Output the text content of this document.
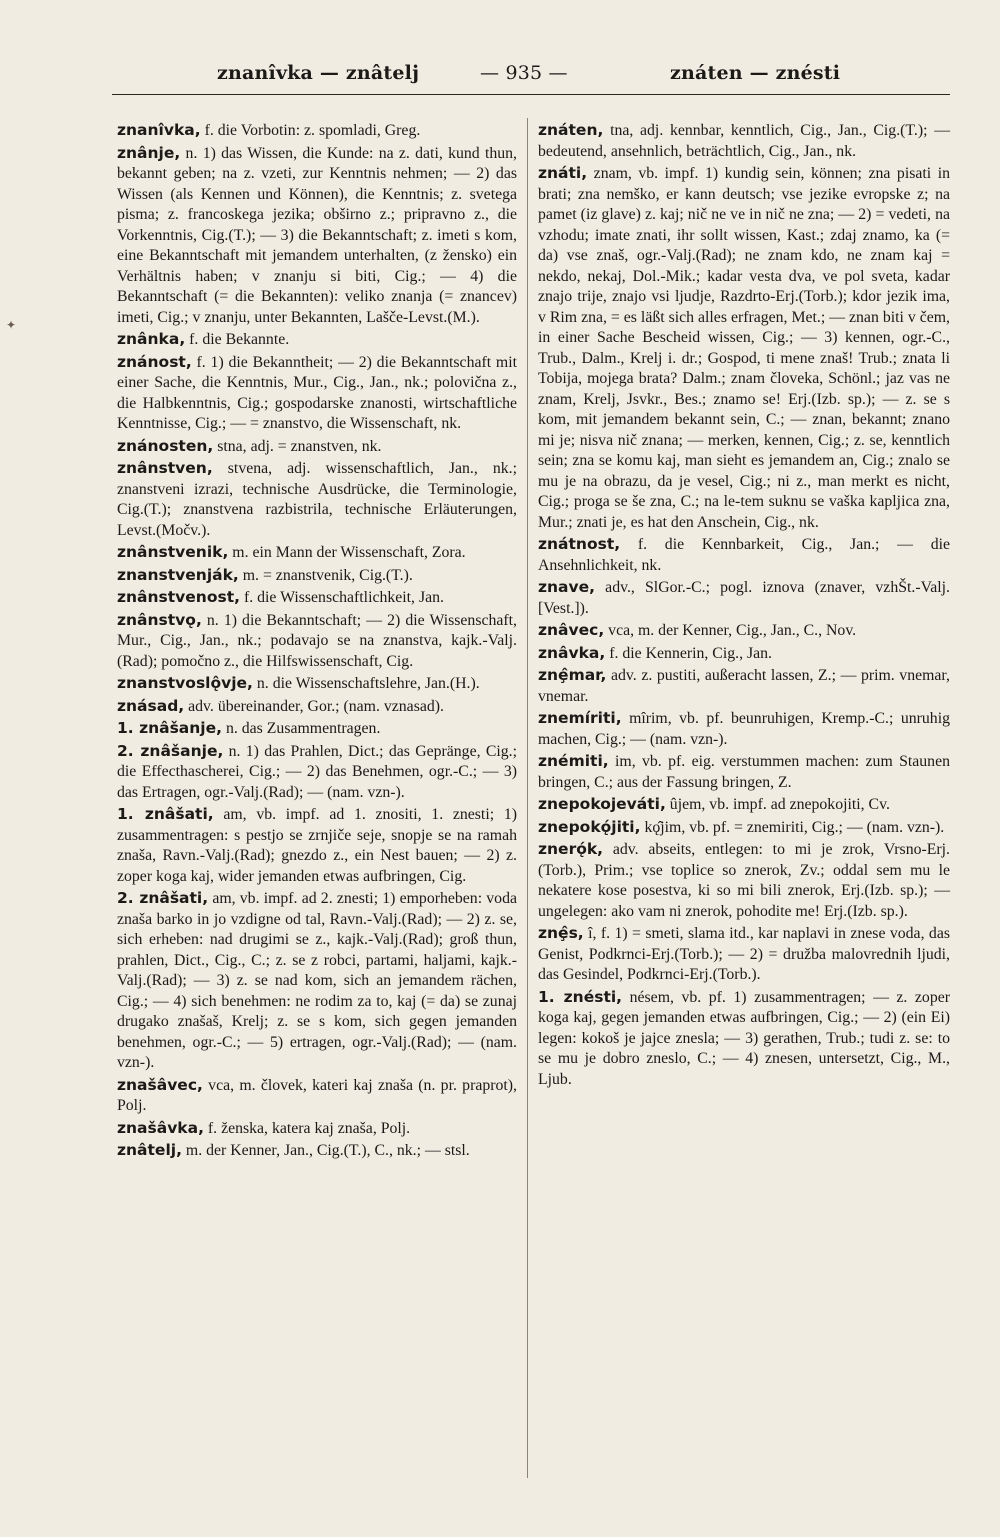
znanîvka — znâtelj	— 935 —	znáten — znésti
✦
znanîvka, f. die Vorbotin: z. spomladi, Greg.
znânje, n. 1) das Wissen, die Kunde: na z. dati, kund thun, bekannt geben; na z. vzeti, zur Kenntnis nehmen; — 2) das Wissen (als Kennen und Können), die Kenntnis; z. svetega pisma; z. francoskega jezika; obširno z.; pripravno z., die Vorkenntnis, Cig.(T.); — 3) die Bekanntschaft; z. imeti s kom, eine Bekanntschaft mit jemandem unterhalten, (z žensko) ein Verhältnis haben; v znanju si biti, Cig.; — 4) die Bekanntschaft (= die Bekannten): veliko znanja (= znancev) imeti, Cig.; v znanju, unter Bekannten, Lašče-Levst.(M.).
znânka, f. die Bekannte.
znánost, f. 1) die Bekanntheit; — 2) die Bekanntschaft mit einer Sache, die Kenntnis, Mur., Cig., Jan., nk.; polovična z., die Halbkenntnis, Cig.; gospodarske znanosti, wirtschaftliche Kenntnisse, Cig.; — = znanstvo, die Wissenschaft, nk.
znánosten, stna, adj. = znanstven, nk.
znânstven, stvena, adj. wissenschaftlich, Jan., nk.; znanstveni izrazi, technische Ausdrücke, die Terminologie, Cig.(T.); znanstvena razbistrila, technische Erläuterungen, Levst.(Močv.).
znânstvenik, m. ein Mann der Wissenschaft, Zora.
znanstvenják, m. = znanstvenik, Cig.(T.).
znânstvenost, f. die Wissenschaftlichkeit, Jan.
znânstvǫ, n. 1) die Bekanntschaft; — 2) die Wissenschaft, Mur., Cig., Jan., nk.; podavajo se na znanstva, kajk.-Valj.(Rad); pomočno z., die Hilfswissenschaft, Cig.
znanstvoslǫ̂vje, n. die Wissenschaftslehre, Jan.(H.).
znásad, adv. übereinander, Gor.; (nam. vznasad).
1. znâšanje, n. das Zusammentragen.
2. znâšanje, n. 1) das Prahlen, Dict.; das Gepränge, Cig.; die Effecthascherei, Cig.; — 2) das Benehmen, ogr.-C.; — 3) das Ertragen, ogr.-Valj.(Rad); — (nam. vzn-).
1. znâšati, am, vb. impf. ad 1. znositi, 1. znesti; 1) zusammentragen: s pestjo se zrnjiče seje, snopje se na ramah znaša, Ravn.-Valj.(Rad); gnezdo z., ein Nest bauen; — 2) z. zoper koga kaj, wider jemanden etwas aufbringen, Cig.
2. znâšati, am, vb. impf. ad 2. znesti; 1) emporheben: voda znaša barko in jo vzdigne od tal, Ravn.-Valj.(Rad); — 2) z. se, sich erheben: nad drugimi se z., kajk.-Valj.(Rad); groß thun, prahlen, Dict., Cig., C.; z. se z robci, partami, haljami, kajk.-Valj.(Rad); — 3) z. se nad kom, sich an jemandem rächen, Cig.; — 4) sich benehmen: ne rodim za to, kaj (= da) se zunaj drugako znašaš, Krelj; z. se s kom, sich gegen jemanden benehmen, ogr.-C.; — 5) ertragen, ogr.-Valj.(Rad); — (nam. vzn-).
znašâvec, vca, m. človek, kateri kaj znaša (n. pr. praprot), Polj.
znašâvka, f. ženska, katera kaj znaša, Polj.
znâtelj, m. der Kenner, Jan., Cig.(T.), C., nk.; — stsl.
znáten, tna, adj. kennbar, kenntlich, Cig., Jan., Cig.(T.); — bedeutend, ansehnlich, beträchtlich, Cig., Jan., nk.
znáti, znam, vb. impf. 1) kundig sein, können; zna pisati in brati; zna nemško, er kann deutsch; vse jezike evropske z; na pamet (iz glave) z. kaj; nič ne ve in nič ne zna; — 2) = vedeti, na vzhodu; imate znati, ihr sollt wissen, Kast.; zdaj znamo, ka (= da) vse znaš, ogr.-Valj.(Rad); ne znam kdo, ne znam kaj = nekdo, nekaj, Dol.-Mik.; kadar vesta dva, ve pol sveta, kadar znajo trije, znajo vsi ljudje, Razdrto-Erj.(Torb.); kdor jezik ima, v Rim zna, = es läßt sich alles erfragen, Met.; — znan biti v čem, in einer Sache Bescheid wissen, Cig.; — 3) kennen, ogr.-C., Trub., Dalm., Krelj i. dr.; Gospod, ti mene znaš! Trub.; znata li Tobija, mojega brata? Dalm.; znam človeka, Schönl.; jaz vas ne znam, Krelj, Jsvkr., Bes.; znamo se! Erj.(Izb. sp.); — z. se s kom, mit jemandem bekannt sein, C.; — znan, bekannt; znano mi je; nisva nič znana; — merken, kennen, Cig.; z. se, kenntlich sein; zna se komu kaj, man sieht es jemandem an, Cig.; znalo se mu je na obrazu, da je vesel, Cig.; ni z., man merkt es nicht, Cig.; proga se še zna, C.; na le-tem suknu se vaška kapljica zna, Mur.; znati je, es hat den Anschein, Cig., nk.
znátnost, f. die Kennbarkeit, Cig., Jan.; — die Ansehnlichkeit, nk.
znave, adv., SlGor.-C.; pogl. iznova (znaver, vzhŠt.-Valj.[Vest.]).
znâvec, vca, m. der Kenner, Cig., Jan., C., Nov.
znâvka, f. die Kennerin, Cig., Jan.
znȩ̂mar, adv. z. pustiti, außeracht lassen, Z.; — prim. vnemar, vnemar.
znemíriti, mîrim, vb. pf. beunruhigen, Kremp.-C.; unruhig machen, Cig.; — (nam. vzn-).
znémiti, im, vb. pf. eig. verstummen machen: zum Staunen bringen, C.; aus der Fassung bringen, Z.
znepokojeváti, ûjem, vb. impf. ad znepokojiti, Cv.
znepokǫ́jiti, kǫ̂jim, vb. pf. = znemiriti, Cig.; — (nam. vzn-).
znerǫ́k, adv. abseits, entlegen: to mi je zrok, Vrsno-Erj.(Torb.), Prim.; vse toplice so znerok, Zv.; oddal sem mu le nekatere kose posestva, ki so mi bili znerok, Erj.(Izb. sp.); — ungelegen: ako vam ni znerok, pohodite me! Erj.(Izb. sp.).
znȩ̂s, î, f. 1) = smeti, slama itd., kar naplavi in znese voda, das Genist, Podkrnci-Erj.(Torb.); — 2) = družba malovrednih ljudi, das Gesindel, Podkrnci-Erj.(Torb.).
1. znésti, nésem, vb. pf. 1) zusammentragen; — z. zoper koga kaj, gegen jemanden etwas aufbringen, Cig.; — 2) (ein Ei) legen: kokoš je jajce znesla; — 3) gerathen, Trub.; tudi z. se: to se mu je dobro zneslo, C.; — 4) znesen, untersetzt, Cig., M., Ljub.
